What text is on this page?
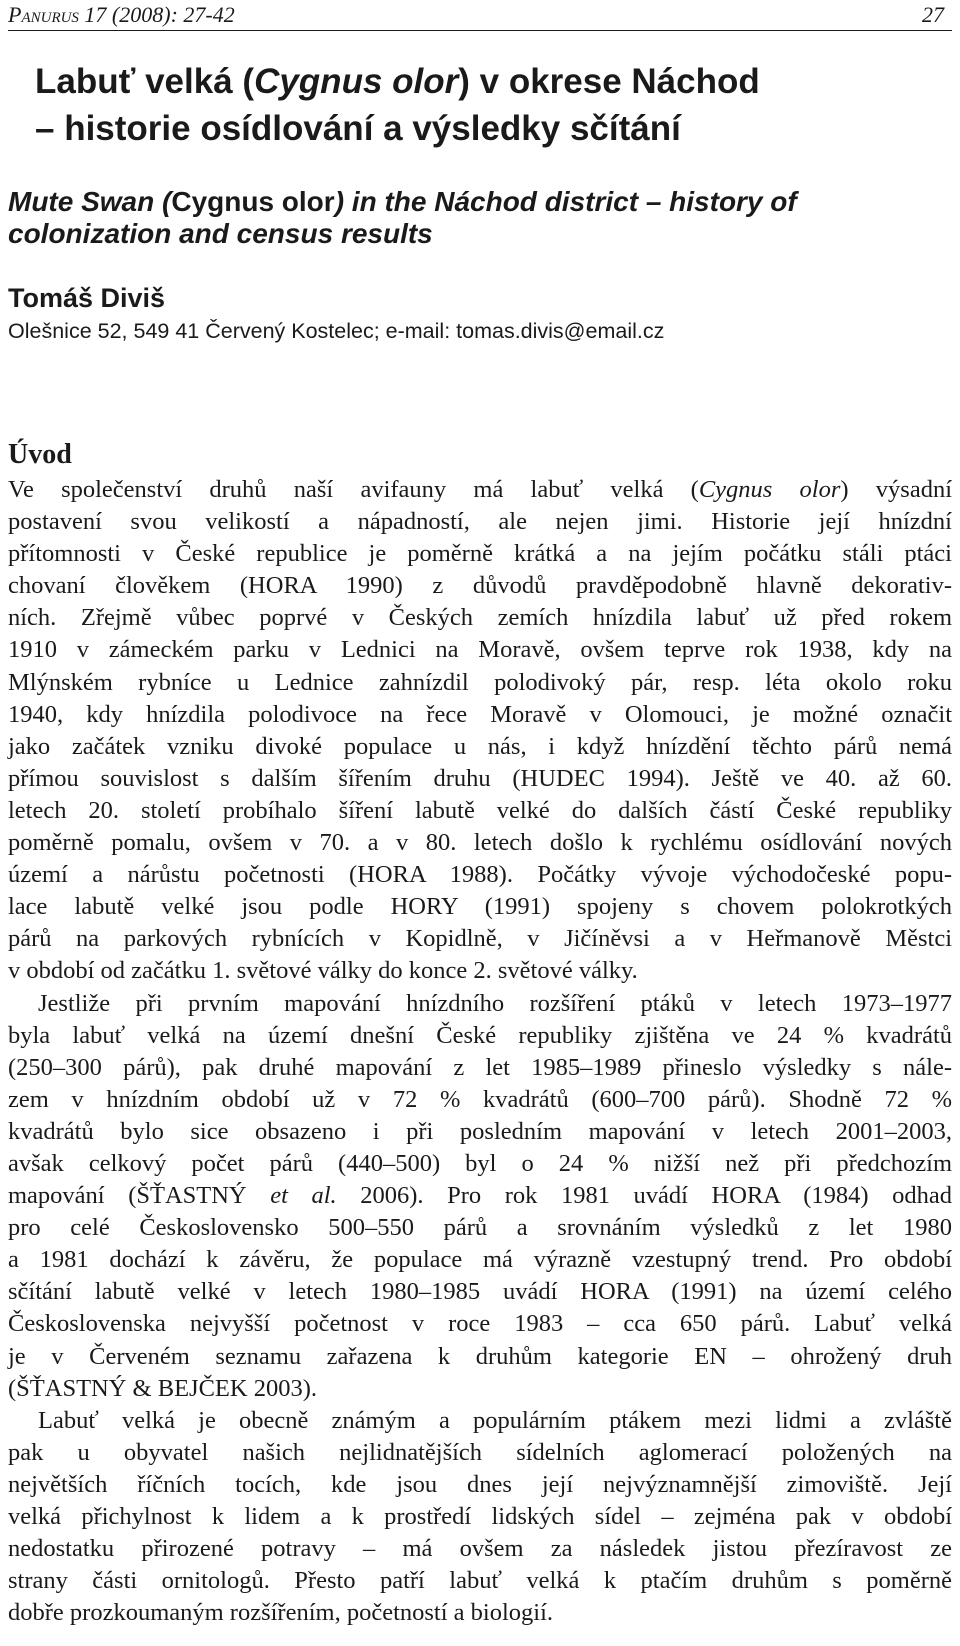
Panurus 17 (2008): 27-42	27
Labuť velká (Cygnus olor) v okrese Náchod
– historie osídlování a výsledky sčítání
Mute Swan (Cygnus olor) in the Náchod district – history of
colonization and census results
Tomáš Diviš
Olešnice 52, 549 41 Červený Kostelec; e-mail: tomas.divis@email.cz
Úvod
Ve společenství druhů naší avifauny má labuť velká (Cygnus olor) výsadní
postavení svou velikostí a nápadností, ale nejen jimi. Historie její hnízdní
přítomnosti v České republice je poměrně krátká a na jejím počátku stáli ptáci
chovaní člověkem (HORA 1990) z důvodů pravděpodobně hlavně dekorativ-
ních. Zřejmě vůbec poprvé v Českých zemích hnízdila labuť už před rokem
1910 v zámeckém parku v Lednici na Moravě, ovšem teprve rok 1938, kdy na
Mlýnském rybníce u Lednice zahnízdil polodivoký pár, resp. léta okolo roku
1940, kdy hnízdila polodivoce na řece Moravě v Olomouci, je možné označit
jako začátek vzniku divoké populace u nás, i když hnízdění těchto párů nemá
přímou souvislost s dalším šířením druhu (HUDEC 1994). Ještě ve 40. až 60.
letech 20. století probíhalo šíření labutě velké do dalších částí České republiky
poměrně pomalu, ovšem v 70. a v 80. letech došlo k rychlému osídlování nových
území a nárůstu početnosti (HORA 1988). Počátky vývoje východočeské popu-
lace labutě velké jsou podle HORY (1991) spojeny s chovem polokrotkých
párů na parkových rybnících v Kopidlně, v Jičíněvsi a v Heřmanově Městci
v období od začátku 1. světové války do konce 2. světové války.
Jestliže při prvním mapování hnízdního rozšíření ptáků v letech 1973–1977
byla labuť velká na území dnešní České republiky zjištěna ve 24 % kvadrátů
(250–300 párů), pak druhé mapování z let 1985–1989 přineslo výsledky s nále-
zem v hnízdním období už v 72 % kvadrátů (600–700 párů). Shodně 72 %
kvadrátů bylo sice obsazeno i při posledním mapování v letech 2001–2003,
avšak celkový počet párů (440–500) byl o 24 % nižší než při předchozím
mapování (ŠŤASTNÝ et al. 2006). Pro rok 1981 uvádí HORA (1984) odhad
pro celé Československo 500–550 párů a srovnáním výsledků z let 1980
a 1981 dochází k závěru, že populace má výrazně vzestupný trend. Pro období
sčítání labutě velké v letech 1980–1985 uvádí HORA (1991) na území celého
Československa nejvyšší početnost v roce 1983 – cca 650 párů. Labuť velká
je v Červeném seznamu zařazena k druhům kategorie EN – ohrožený druh
(ŠŤASTNÝ & BEJČEK 2003).
Labuť velká je obecně známým a populárním ptákem mezi lidmi a zvláště
pak u obyvatel našich nejlidnatějších sídelních aglomerací položených na
největších říčních tocích, kde jsou dnes její nejvýznamnější zimoviště. Její
velká přichylnost k lidem a k prostředí lidských sídel – zejména pak v období
nedostatku přirozené potravy – má ovšem za následek jistou přezíravost ze
strany části ornitologů. Přesto patří labuť velká k ptačím druhům s poměrně
dobře prozkoumaným rozšířením, početností a biologií.
